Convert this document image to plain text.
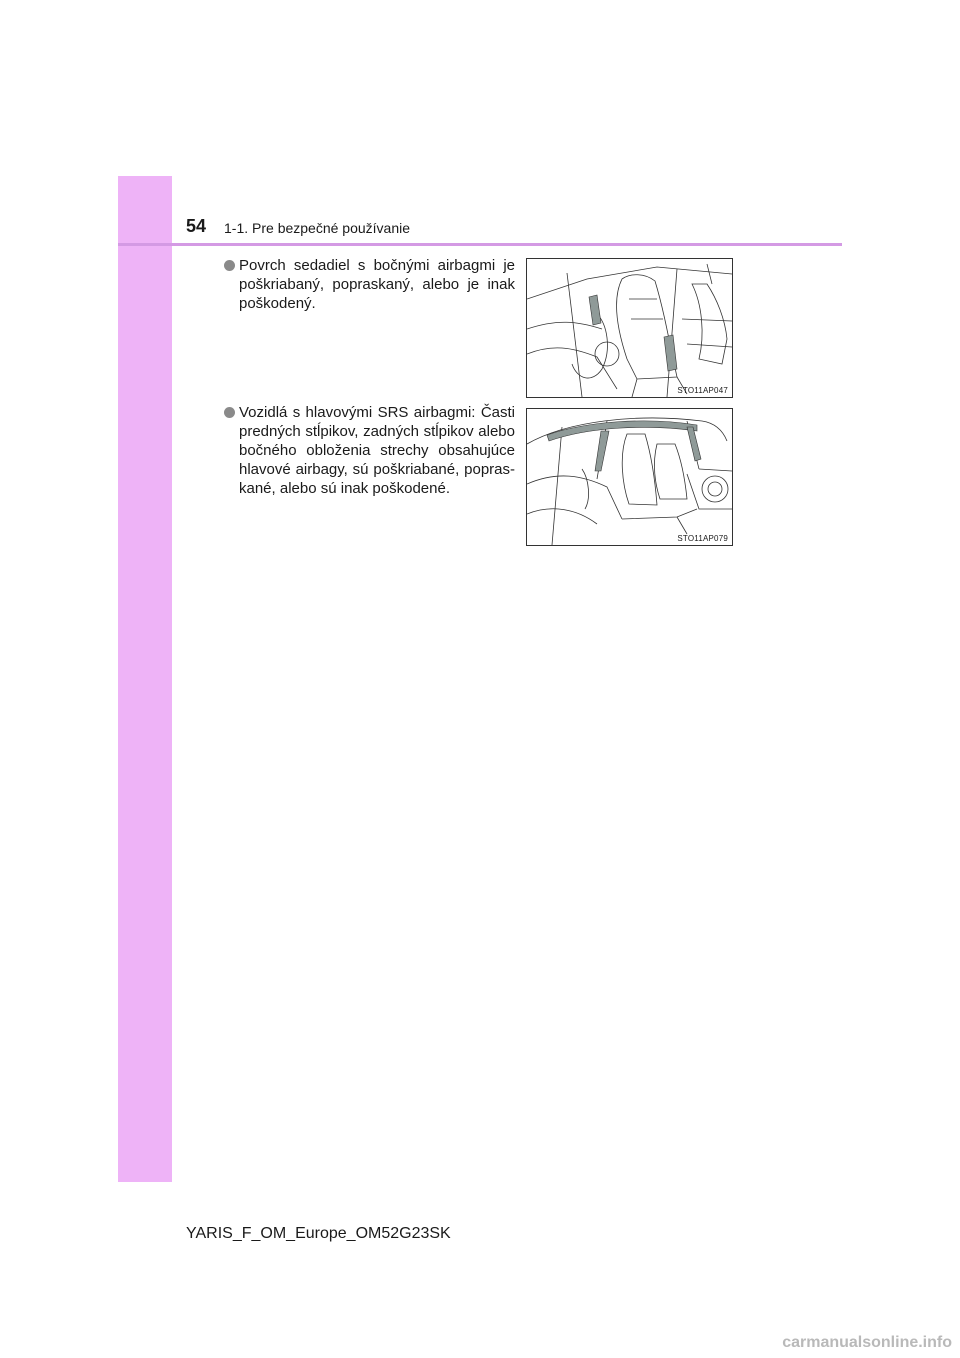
54 1-1. Pre bezpečné používanie
Povrch sedadiel s bočnými airbagmi je poškriabaný, popraskaný, alebo je inak poškodený.
Vozidlá s hlavovými SRS airbagmi: Časti predných stĺpikov, zadných stĺpikov alebo bočného obloženia strechy obsahujúce hlavové airbagy, sú poškriabané, popras-kané, alebo sú inak poškodené.
STO11AP047
STO11AP079
YARIS_F_OM_Europe_OM52G23SK
carmanualsonline.info
